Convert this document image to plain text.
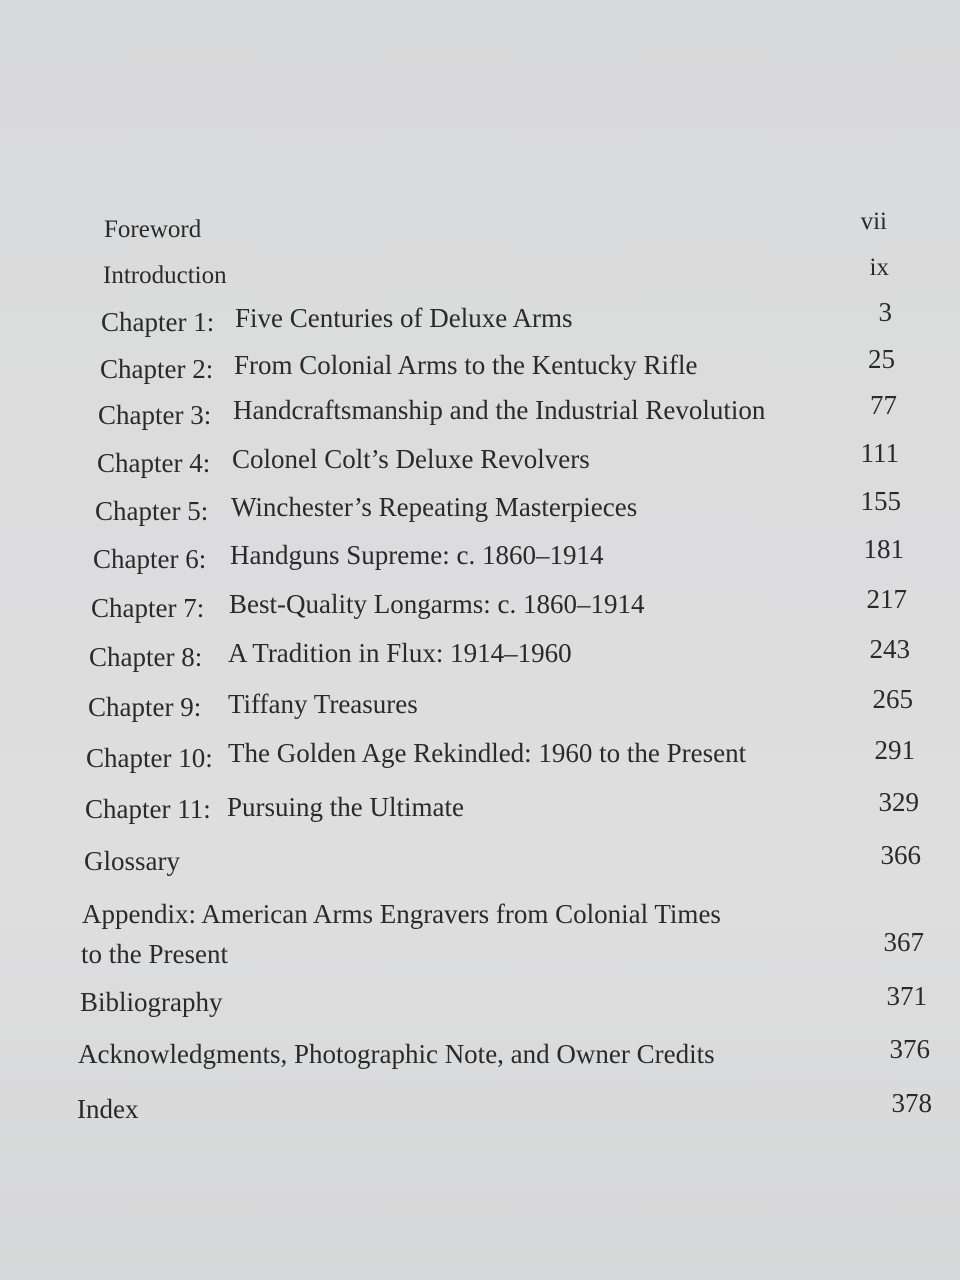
Foreword	vii
Introduction	ix
Chapter 1: Five Centuries of Deluxe Arms	3
Chapter 2: From Colonial Arms to the Kentucky Rifle	25
Chapter 3: Handcraftsmanship and the Industrial Revolution	77
Chapter 4: Colonel Colt’s Deluxe Revolvers	111
Chapter 5: Winchester’s Repeating Masterpieces	155
Chapter 6: Handguns Supreme: c. 1860–1914	181
Chapter 7: Best-Quality Longarms: c. 1860–1914	217
Chapter 8: A Tradition in Flux: 1914–1960	243
Chapter 9: Tiffany Treasures	265
Chapter 10: The Golden Age Rekindled: 1960 to the Present	291
Chapter 11: Pursuing the Ultimate	329
Glossary	366
Appendix: American Arms Engravers from Colonial Times
to the Present	367
Bibliography	371
Acknowledgments, Photographic Note, and Owner Credits	376
Index	378
